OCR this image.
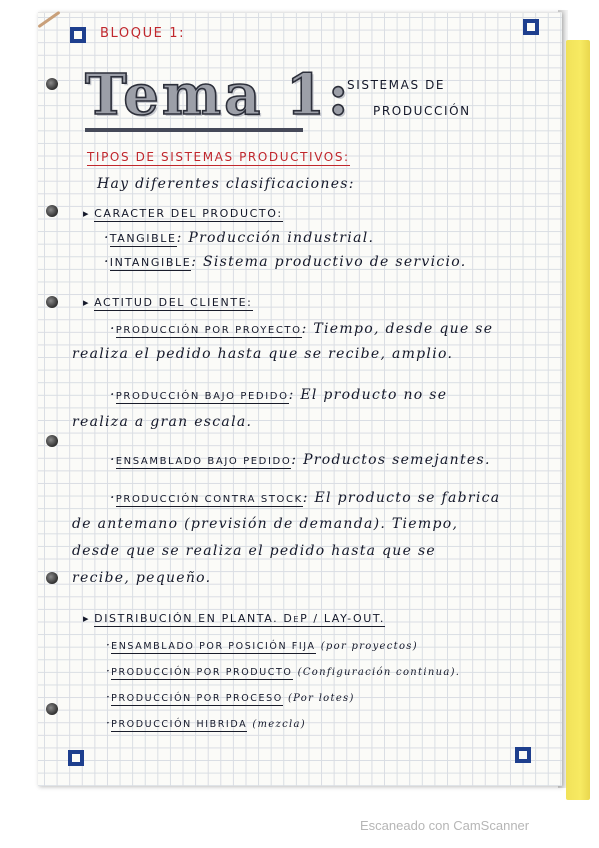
BLOQUE 1:
Tema 1:
SISTEMAS DE
PRODUCCIÓN
TIPOS DE SISTEMAS PRODUCTIVOS:
Hay diferentes clasificaciones:
▸ CARACTER DEL PRODUCTO:
·TANGIBLE: Producción industrial.
·INTANGIBLE: Sistema productivo de servicio.
▸ ACTITUD DEL CLIENTE:
·PRODUCCIÓN POR PROYECTO: Tiempo, desde que se
realiza el pedido hasta que se recibe, amplio.
·PRODUCCIÓN BAJO PEDIDO: El producto no se
realiza a gran escala.
·ENSAMBLADO BAJO PEDIDO: Productos semejantes.
·PRODUCCIÓN CONTRA STOCK: El producto se fabrica
de antemano (previsión de demanda). Tiempo,
desde que se realiza el pedido hasta que se
recibe, pequeño.
▸ DISTRIBUCIÓN EN PLANTA. DeP / LAY-OUT.
·ENSAMBLADO POR POSICIÓN FIJA (por proyectos)
·PRODUCCIÓN POR PRODUCTO (Configuración continua).
·PRODUCCIÓN POR PROCESO (Por lotes)
·PRODUCCIÓN HIBRIDA (mezcla)
Escaneado con CamScanner
